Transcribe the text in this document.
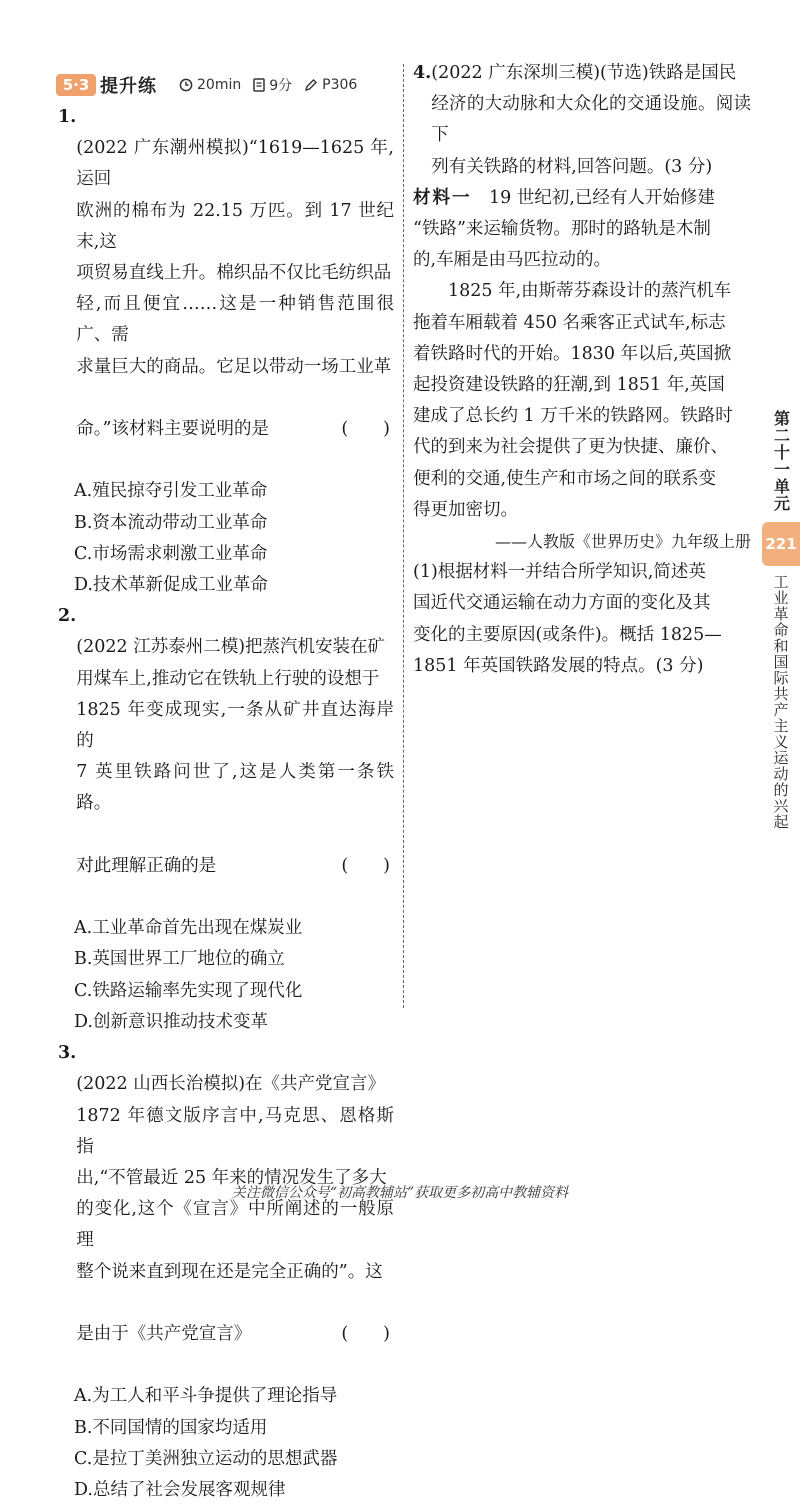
5·3 提升练	20min 9分 P306
1.

(2022 广东潮州模拟)“1619—1625 年,运回
欧洲的棉布为 22.15 万匹。到 17 世纪末,这
项贸易直线上升。棉织品不仅比毛纺织品
轻,而且便宜……这是一种销售范围很广、需
求量巨大的商品。它足以带动一场工业革

命。”该材料主要说明的是	(　　)

A.殖民掠夺引发工业革命
B.资本流动带动工业革命
C.市场需求刺激工业革命
D.技术革新促成工业革命
2.

(2022 江苏泰州二模)把蒸汽机安装在矿
用煤车上,推动它在铁轨上行驶的设想于
1825 年变成现实,一条从矿井直达海岸的
7 英里铁路问世了,这是人类第一条铁路。

对此理解正确的是	(　　)

A.工业革命首先出现在煤炭业
B.英国世界工厂地位的确立
C.铁路运输率先实现了现代化
D.创新意识推动技术变革
3.

(2022 山西长治模拟)在《共产党宣言》
1872 年德文版序言中,马克思、恩格斯指
出,“不管最近 25 年来的情况发生了多大
的变化,这个《宣言》中所阐述的一般原理
整个说来直到现在还是完全正确的”。这

是由于《共产党宣言》	(　　)

A.为工人和平斗争提供了理论指导
B.不同国情的国家均适用
C.是拉丁美洲独立运动的思想武器
D.总结了社会发展客观规律
4. (2022 广东深圳三模)(节选)铁路是国民
经济的大动脉和大众化的交通设施。阅读下
列有关铁路的材料,回答问题。(3 分)
材料一　19 世纪初,已经有人开始修建
“铁路”来运输货物。那时的路轨是木制
的,车厢是由马匹拉动的。
1825 年,由斯蒂芬森设计的蒸汽机车
拖着车厢载着 450 名乘客正式试车,标志
着铁路时代的开始。1830 年以后,英国掀
起投资建设铁路的狂潮,到 1851 年,英国
建成了总长约 1 万千米的铁路网。铁路时
代的到来为社会提供了更为快捷、廉价、
便利的交通,使生产和市场之间的联系变
得更加密切。
——人教版《世界历史》九年级上册
(1)根据材料一并结合所学知识,简述英
国近代交通运输在动力方面的变化及其
变化的主要原因(或条件)。概括 1825—
1851 年英国铁路发展的特点。(3 分)
第二十一单元
221
工业革命和国际共产主义运动的兴起
关注微信公众号“初高教辅站”获取更多初高中教辅资料
